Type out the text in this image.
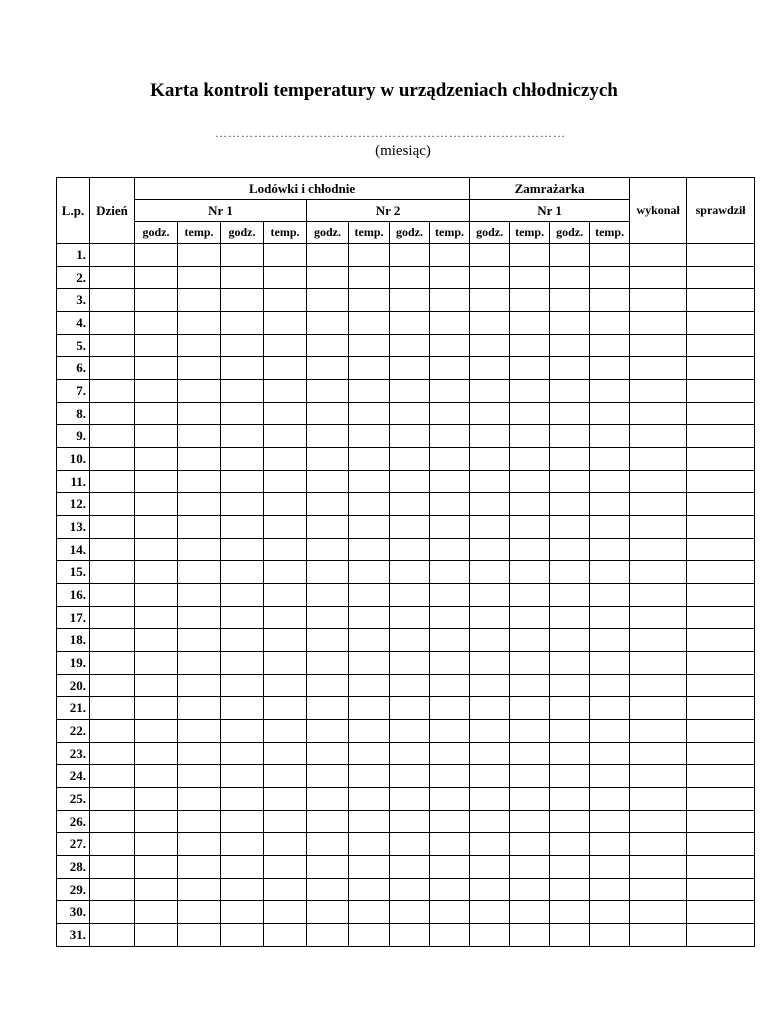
Karta kontroli temperatury w urządzeniach chłodniczych
………………………………………………………………………
(miesiąc)
L.p.	Dzień	Lodówki i chłodnie								Zamrażarka				wykonał	sprawdził
		Nr 1				Nr 2				Nr 1					
		godz.	temp.	godz.	temp.	godz.	temp.	godz.	temp.	godz.	temp.	godz.	temp.		
1.															
2.															
3.															
4.															
5.															
6.															
7.															
8.															
9.															
10.															
11.															
12.															
13.															
14.															
15.															
16.															
17.															
18.															
19.															
20.															
21.															
22.															
23.															
24.															
25.															
26.															
27.															
28.															
29.															
30.															
31.															
